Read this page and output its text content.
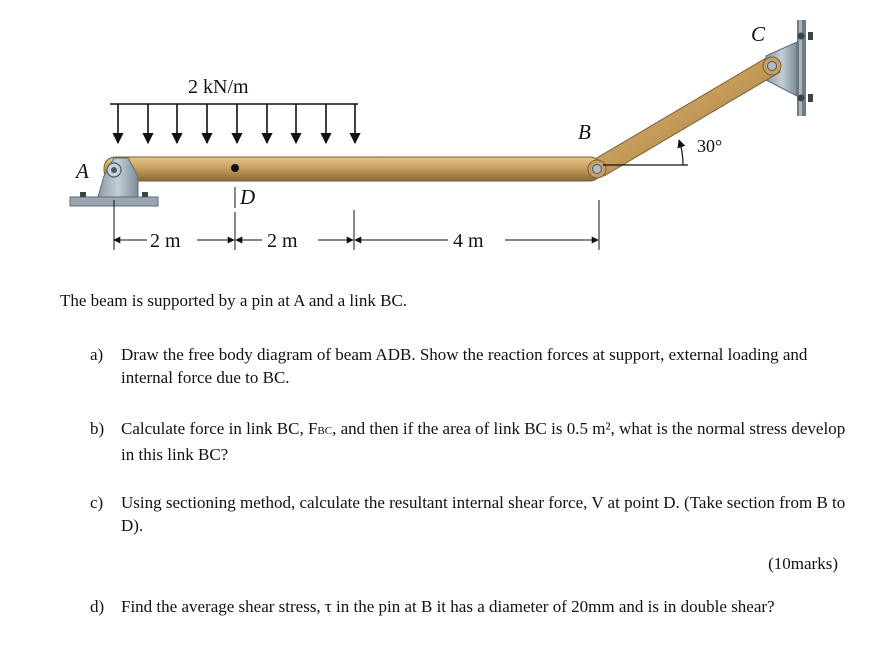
2 kN/m
A
B
C
D
30°
2 m	2 m	4 m

The beam is supported by a pin at A and a link BC.

a)	Draw the free body diagram of beam ADB. Show the reaction forces at support, external loading and internal force due to BC.
b) Calculate force in link BC, FBC, and then if the area of link BC is 0.5 m², what is the normal stress develop in this link BC?
c)	Using sectioning method, calculate the resultant internal shear force, V at point D. (Take section from B to D).
(10marks)
d) Find the average shear stress, τ in the pin at B it has a diameter of 20mm and is in double shear?
